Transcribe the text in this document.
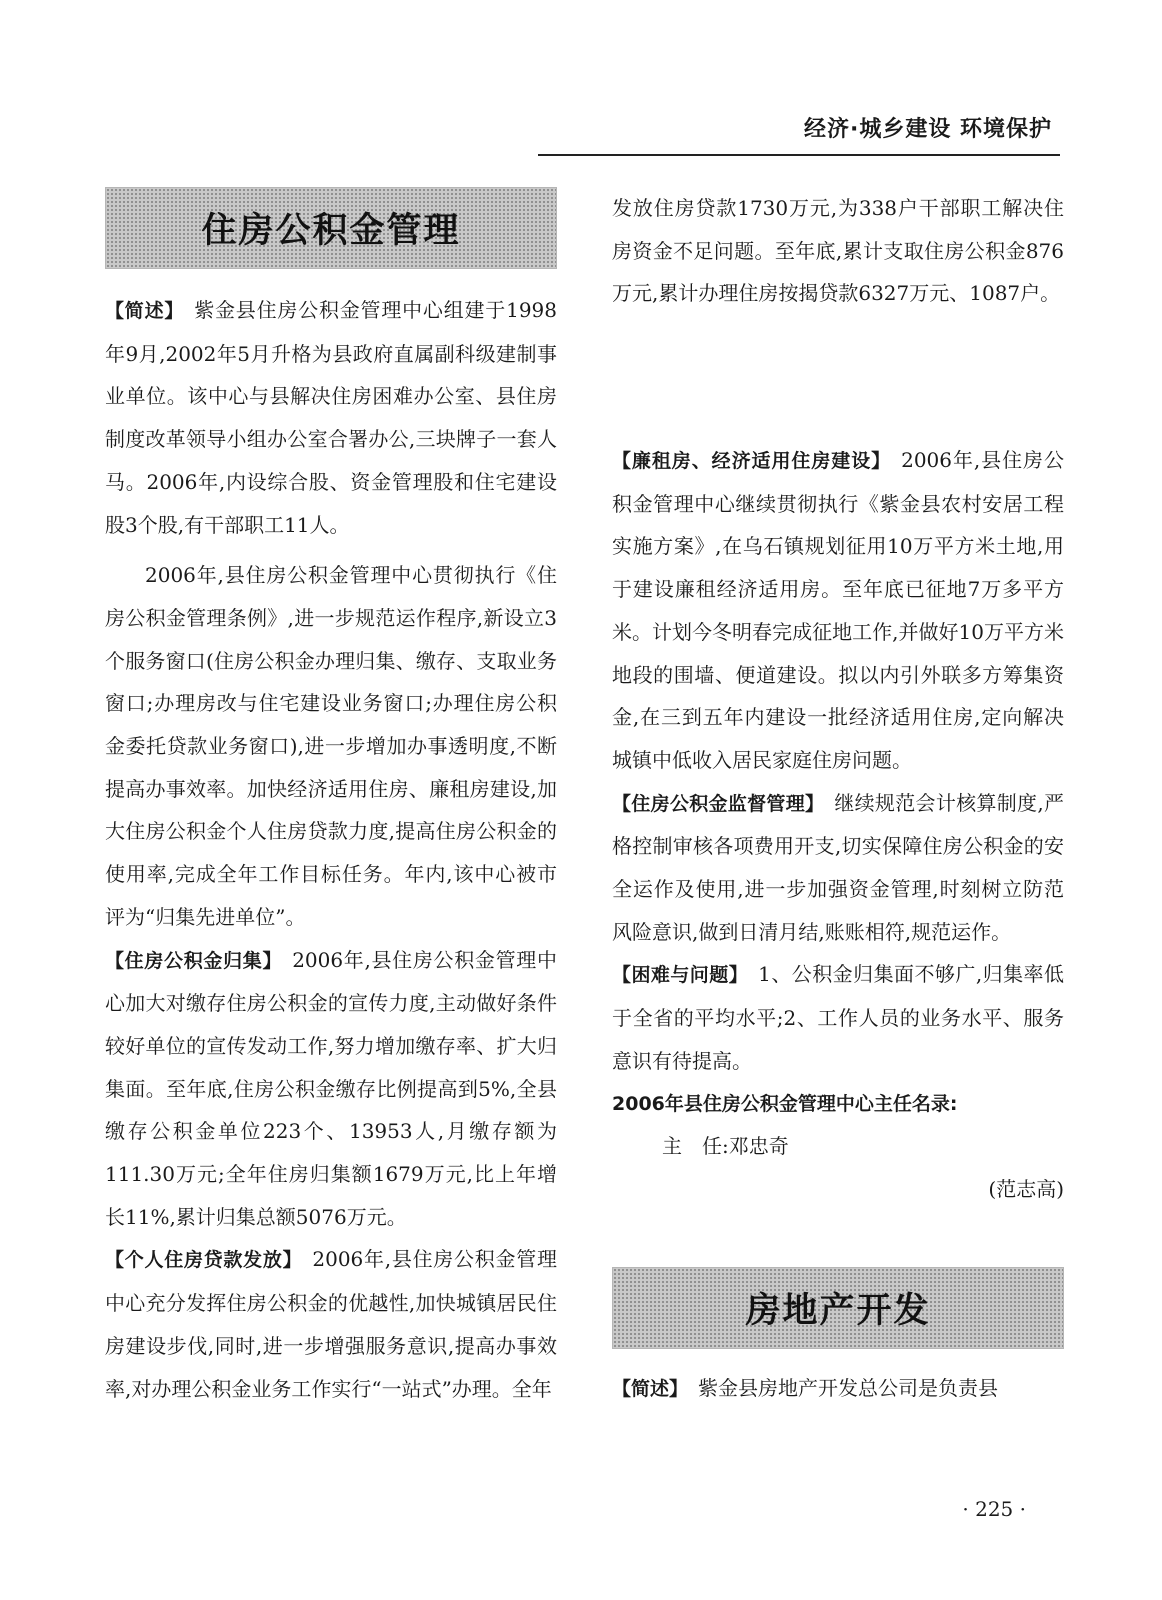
经济·城乡建设 环境保护
住房公积金管理

【简述】 紫金县住房公积金管理中心组建于1998年9月,2002年5月升格为县政府直属副科级建制事业单位。该中心与县解决住房困难办公室、县住房制度改革领导小组办公室合署办公,三块牌子一套人马。2006年,内设综合股、资金管理股和住宅建设股3个股,有干部职工11人。

2006年,县住房公积金管理中心贯彻执行《住房公积金管理条例》,进一步规范运作程序,新设立3个服务窗口(住房公积金办理归集、缴存、支取业务窗口;办理房改与住宅建设业务窗口;办理住房公积金委托贷款业务窗口),进一步增加办事透明度,不断提高办事效率。加快经济适用住房、廉租房建设,加大住房公积金个人住房贷款力度,提高住房公积金的使用率,完成全年工作目标任务。年内,该中心被市评为“归集先进单位”。

【住房公积金归集】 2006年,县住房公积金管理中心加大对缴存住房公积金的宣传力度,主动做好条件较好单位的宣传发动工作,努力增加缴存率、扩大归集面。至年底,住房公积金缴存比例提高到5%,全县缴存公积金单位223个、13953人,月缴存额为111.30万元;全年住房归集额1679万元,比上年增长11%,累计归集总额5076万元。

【个人住房贷款发放】 2006年,县住房公积金管理中心充分发挥住房公积金的优越性,加快城镇居民住房建设步伐,同时,进一步增强服务意识,提高办事效率,对办理公积金业务工作实行“一站式”办理。全年

【廉租房、经济适用住房建设】 2006年,县住房公积金管理中心继续贯彻执行《紫金县农村安居工程实施方案》,在乌石镇规划征用10万平方米土地,用于建设廉租经济适用房。至年底已征地7万多平方米。计划今冬明春完成征地工作,并做好10万平方米地段的围墙、便道建设。拟以内引外联多方筹集资金,在三到五年内建设一批经济适用住房,定向解决城镇中低收入居民家庭住房问题。

【住房公积金监督管理】 继续规范会计核算制度,严格控制审核各项费用开支,切实保障住房公积金的安全运作及使用,进一步加强资金管理,时刻树立防范风险意识,做到日清月结,账账相符,规范运作。

【困难与问题】 1、公积金归集面不够广,归集率低于全省的平均水平;2、工作人员的业务水平、服务意识有待提高。

2006年县住房公积金管理中心主任名录:

主　任:邓忠奇

(范志高)

房地产开发

【简述】 紫金县房地产开发总公司是负责县

发放住房贷款1730万元,为338户干部职工解决住房资金不足问题。至年底,累计支取住房公积金876万元,累计办理住房按揭贷款6327万元、1087户。

· 225 ·
